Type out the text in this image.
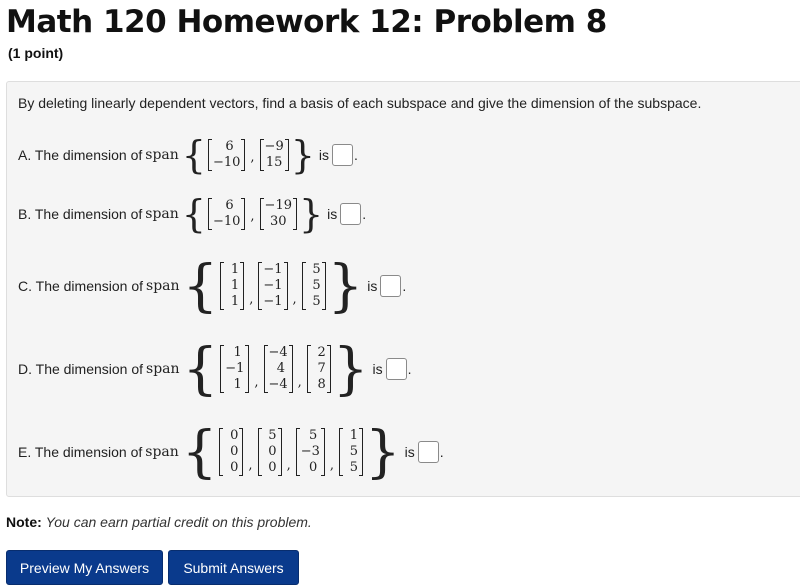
Math 120 Homework 12: Problem 8
(1 point)
By deleting linearly dependent vectors, find a basis of each subspace and give the dimension of the subspace.
A. The dimension of span {	6
−10 ,
−9
15 } is .
B. The dimension of span {	6
−10 ,
−19
30 } is .
C. The dimension of span { 1
1
1 ,
−1
−1
−1 ,
5
5
5 } is .
D. The dimension of span {	1
−1
1 ,
−4
4
−4 ,
2
7
8 } is .
E. The dimension of span { 0
0
0 ,
5
0
0 ,
5
−3
0 ,
1
5
5 } is .
Note: You can earn partial credit on this problem.
Preview My Answers	Submit Answers
